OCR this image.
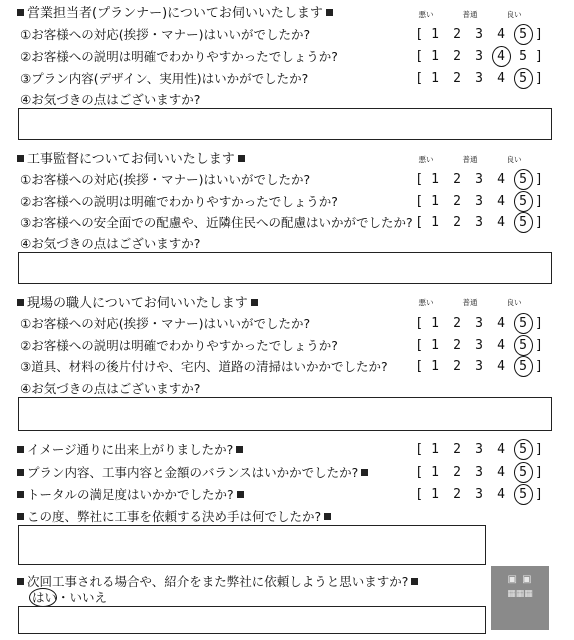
営業担当者(プランナー)についてお伺いいたします	悪い	普通	良い
①お客様への対応(挨拶・マナー)はいいがでしたか?	[ 1 2 3 4 5 ]
②お客様への説明は明確でわかりやすかったでしょうか?	[ 1 2 3 4 5 ]
③プラン内容(デザイン、実用性)はいかがでしたか?	[ 1 2 3 4 5 ]
④お気づきの点はございますか?
工事監督についてお伺いいたします	悪い	普通	良い
①お客様への対応(挨拶・マナー)はいいがでしたか?	[ 1 2 3 4 5 ]
②お客様への説明は明確でわかりやすかったでしょうか?	[ 1 2 3 4 5 ]
③お客様への安全面での配慮や、近隣住民への配慮はいかがでしたか? [ 1 2 3 4 5 ]
④お気づきの点はございますか?
現場の職人についてお伺いいたします	悪い	普通	良い
①お客様への対応(挨拶・マナー)はいいがでしたか?	[ 1 2 3 4 5 ]
②お客様への説明は明確でわかりやすかったでしょうか?	[ 1 2 3 4 5 ]
③道具、材料の後片付けや、宅内、道路の清掃はいかかでしたか? [ 1 2 3 4 5 ]
④お気づきの点はございますか?
イメージ通りに出来上がりましたか?	[ 1 2 3 4 5 ]
プラン内容、工事内容と金額のバランスはいかかでしたか?	[ 1 2 3 4 5 ]
トータルの満足度はいかかでしたか?	[ 1 2 3 4 5 ]
この度、弊社に工事を依頼する決め手は何でしたか?
次回工事される場合や、紹介をまた弊社に依頼しようと思いますか?
はい・いいえ
▣ ▣
▦▦▦
